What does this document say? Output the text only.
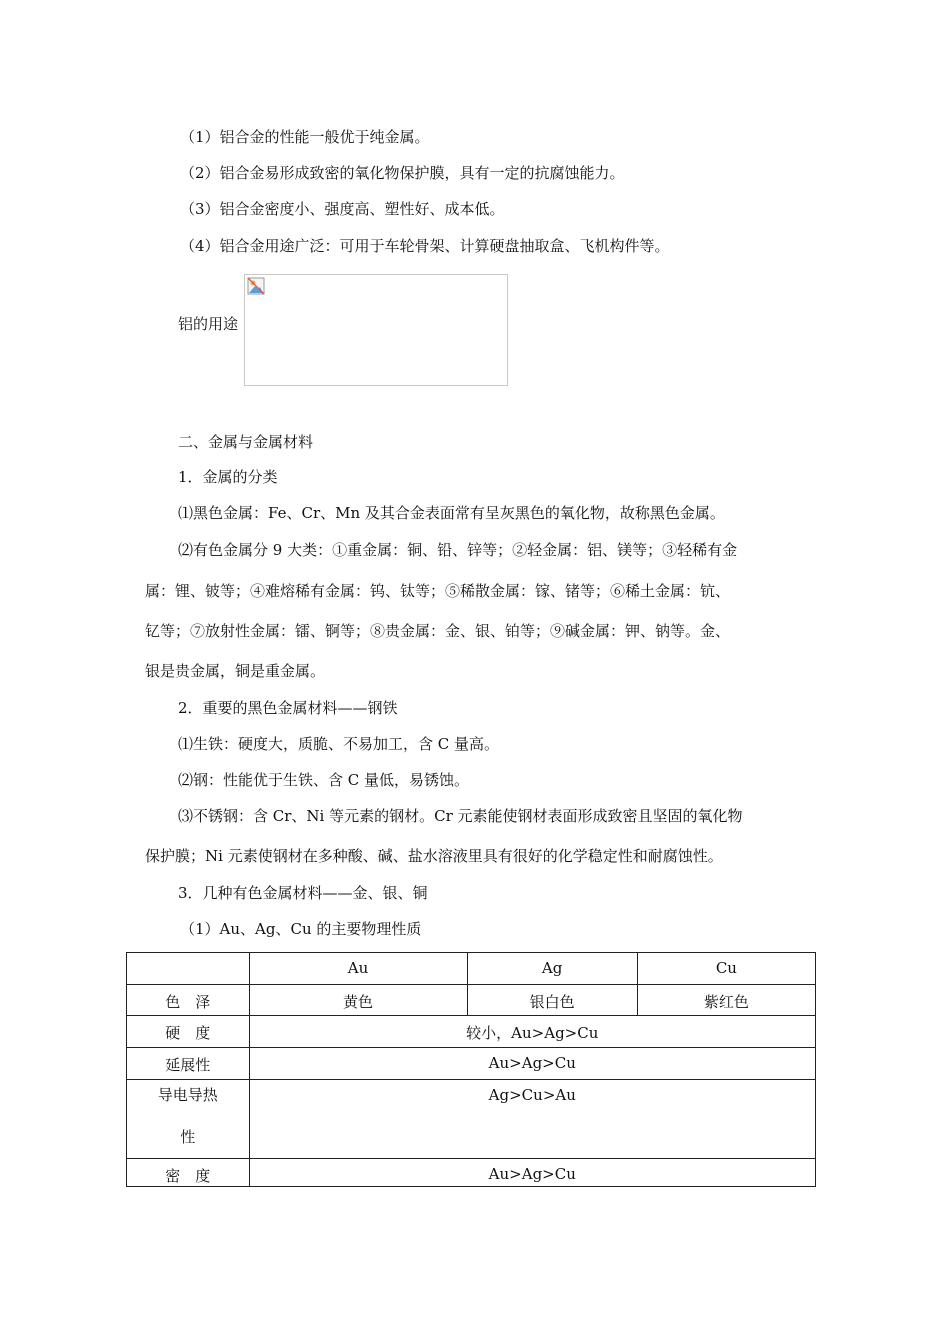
（1）铝合金的性能一般优于纯金属。
（2）铝合金易形成致密的氧化物保护膜，具有一定的抗腐蚀能力。
（3）铝合金密度小、强度高、塑性好、成本低。
（4）铝合金用途广泛：可用于车轮骨架、计算硬盘抽取盒、飞机构件等。
铝的用途
二、金属与金属材料
1．金属的分类
⑴黑色金属：Fe、Cr、Mn 及其合金表面常有呈灰黑色的氧化物，故称黑色金属。
⑵有色金属分 9 大类：①重金属：铜、铅、锌等；②轻金属：铝、镁等；③轻稀有金
属：锂、铍等；④难熔稀有金属：钨、钛等；⑤稀散金属：镓、锗等；⑥稀土金属：钪、
钇等；⑦放射性金属：镭、锕等；⑧贵金属：金、银、铂等；⑨碱金属：钾、钠等。金、
银是贵金属，铜是重金属。
2．重要的黑色金属材料——钢铁
⑴生铁：硬度大，质脆、不易加工，含 C 量高。
⑵钢：性能优于生铁、含 C 量低，易锈蚀。
⑶不锈钢：含 Cr、Ni 等元素的钢材。Cr 元素能使钢材表面形成致密且坚固的氧化物
保护膜；Ni 元素使钢材在多种酸、碱、盐水溶液里具有很好的化学稳定性和耐腐蚀性。
3．几种有色金属材料——金、银、铜
（1）Au、Ag、Cu 的主要物理性质
	Au	Ag	Cu
色　泽	黄色	银白色	紫红色
硬　度	较小，Au>Ag>Cu		
延展性	Au>Ag>Cu		

导电导热
性	Ag>Cu>Au		
密　度	Au>Ag>Cu		
